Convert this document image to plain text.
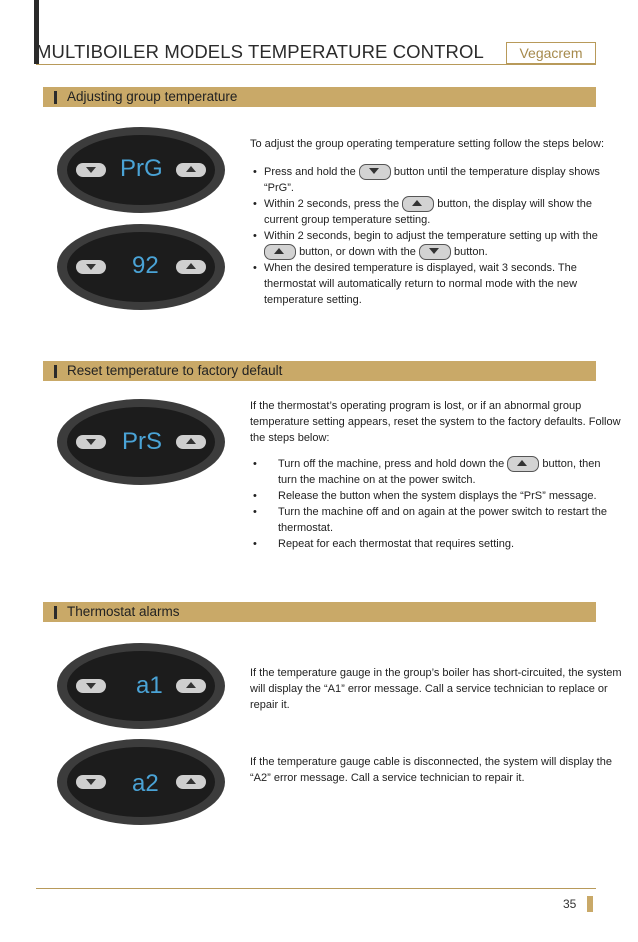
MULTIBOILER MODELS TEMPERATURE CONTROL	Vegacrem
Adjusting group temperature
PrG
92

To adjust the group operating temperature setting follow the steps below:

• Press and hold the	button until the temperature display shows “PrG”.
• Within 2 seconds, press the	button, the display will show the current group temperature setting.
• Within 2 seconds, begin to adjust the temperature setting up with the
button, or down with the	button.
• When the desired temperature is displayed, wait 3 seconds. The thermostat will automatically return to normal mode with the new temperature setting.
Reset temperature to factory default
PrS

If the thermostat’s operating program is lost, or if an abnormal group temperature setting appears, reset the system to the factory defaults. Follow the steps below:

• Turn off the machine, press and hold down the	button, then turn the machine on at the power switch.
• Release the button when the system displays the “PrS” message.
• Turn the machine off and on again at the power switch to restart the thermostat.
• Repeat for each thermostat that requires setting.
Thermostat alarms
a1	If the temperature gauge in the group’s boiler has short-circuited, the system will display the “A1” error message. Call a service technician to replace or repair it.
a2
If the temperature gauge cable is disconnected, the system will display the “A2” error message. Call a service technician to repair it.
35
